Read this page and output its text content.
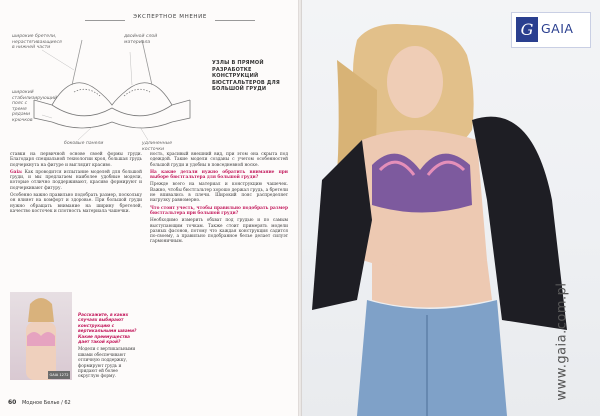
ЭКСПЕРТНОЕ МНЕНИЕ
широкие бретели, нерастягивающиеся в нижней части
двойной слой материала
широкий стабилизирующий пояс с тремя рядами крючков
боковые панели	удлиненные косточки
УЗЛЫ В ПРЯМОЙ РАЗРАБОТКЕ КОНСТРУКЦИЙ БЮСТГАЛЬТЕРОВ ДЛЯ БОЛЬШОЙ ГРУДИ

ставки на первичной основе своей формы груди. Благодаря специальной технологии кроя, большая грудь подчеркнута на фигуре и выглядит красиво.

Gaia: Как проводится испытание моделей для большой груди, и мы предлагаем наиболее удобные модели, которые отлично поддерживают, красиво формируют и подчеркивают фигуру.

Особенно важно правильно подобрать размер, поскольку он влияет на комфорт и здоровье. При большой груди нужно обращать внимание на ширину бретелей, качество косточек и плотность материала чашечки.

GAIA 1272
Расскажите, в каких случаях выбирают конструкцию с вертикальными швами? Какие преимущества дает такой крой?
Модели с вертикальными швами обеспечивают отличную поддержку, формируют грудь и придают ей более округлую форму.

ность, красивый внешний вид, при этом она скрыта под одеждой. Такие модели созданы с учетом особенностей большой груди и удобны в повседневной носке.

На какие детали нужно обратить внимание при выборе бюстгальтера для большой груди?

Прежде всего на материал и конструкцию чашечек. Важно, чтобы бюстгальтер хорошо держал грудь, а бретели не впивались в плечи. Широкий пояс распределяет нагрузку равномерно.

Что стоит учесть, чтобы правильно подобрать размер бюстгальтера при большой груди?

Необходимо измерить обхват под грудью и по самым выступающим точкам. Также стоит примерять модели разных фасонов, потому что каждая конструкция садится по-своему, а правильно подобранное белье делает силуэт гармоничным.

60 Модное Белье / 62
G GAIA
www.gaia.com.pl
